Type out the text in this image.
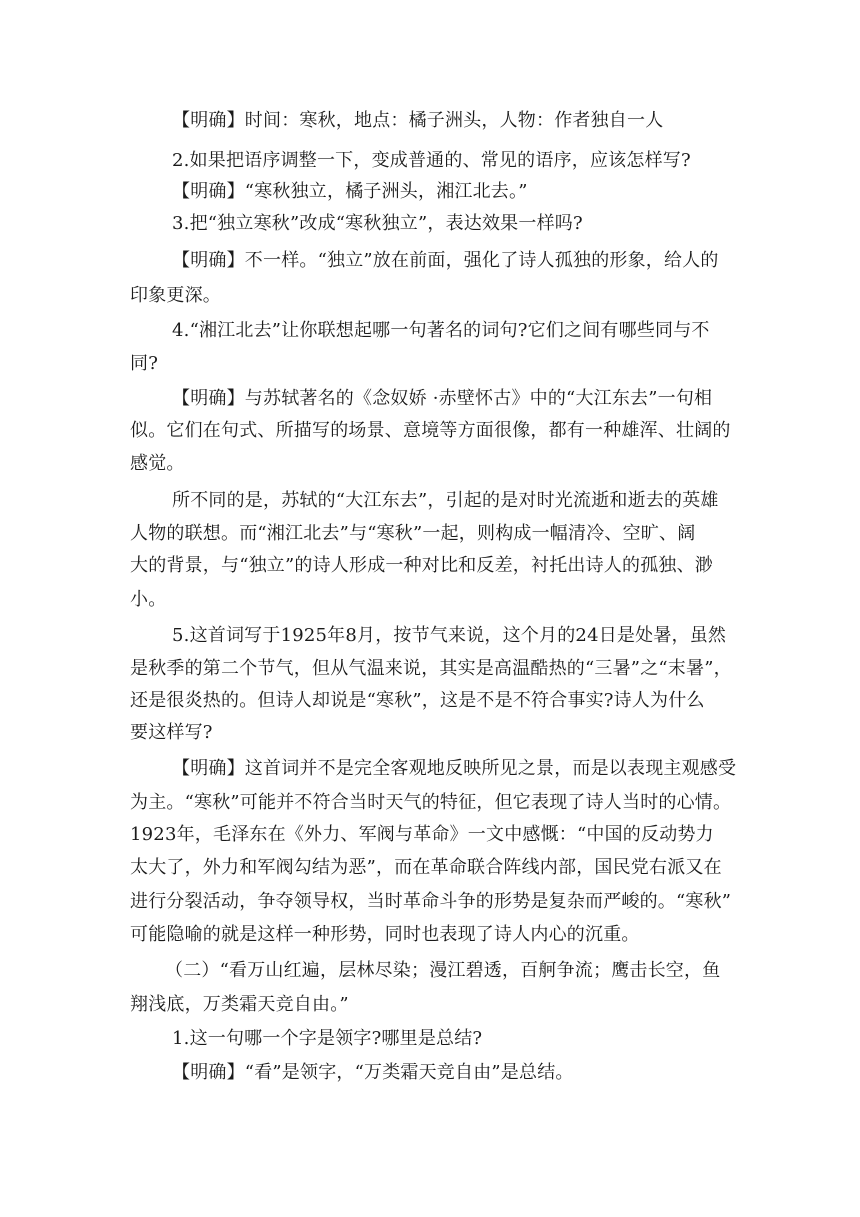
【明确】时间：寒秋，地点：橘子洲头，人物：作者独自一人
2.如果把语序调整一下，变成普通的、常见的语序，应该怎样写?
【明确】“寒秋独立，橘子洲头，湘江北去。”
3.把“独立寒秋”改成“寒秋独立”，表达效果一样吗?
【明确】不一样。“独立”放在前面，强化了诗人孤独的形象，给人的
印象更深。
4.“湘江北去”让你联想起哪一句著名的词句?它们之间有哪些同与不
同?
【明确】与苏轼著名的《念奴娇 ·赤壁怀古》中的“大江东去”一句相
似。它们在句式、所描写的场景、意境等方面很像，都有一种雄浑、壮阔的
感觉。
所不同的是，苏轼的“大江东去”，引起的是对时光流逝和逝去的英雄
人物的联想。而“湘江北去”与“寒秋”一起，则构成一幅清冷、空旷、阔
大的背景，与“独立”的诗人形成一种对比和反差，衬托出诗人的孤独、渺
小。
5.这首词写于1925年8月，按节气来说，这个月的24日是处暑，虽然
是秋季的第二个节气，但从气温来说，其实是高温酷热的“三暑”之“末暑”，
还是很炎热的。但诗人却说是“寒秋”，这是不是不符合事实?诗人为什么
要这样写?
【明确】这首词并不是完全客观地反映所见之景，而是以表现主观感受
为主。“寒秋”可能并不符合当时天气的特征，但它表现了诗人当时的心情。
1923年，毛泽东在《外力、军阀与革命》一文中感慨：“中国的反动势力
太大了，外力和军阀勾结为恶”，而在革命联合阵线内部，国民党右派又在
进行分裂活动，争夺领导权，当时革命斗争的形势是复杂而严峻的。“寒秋”
可能隐喻的就是这样一种形势，同时也表现了诗人内心的沉重。
（二）“看万山红遍，层林尽染；漫江碧透，百舸争流；鹰击长空，鱼
翔浅底，万类霜天竞自由。”
1.这一句哪一个字是领字?哪里是总结?
【明确】“看”是领字，“万类霜天竞自由”是总结。
